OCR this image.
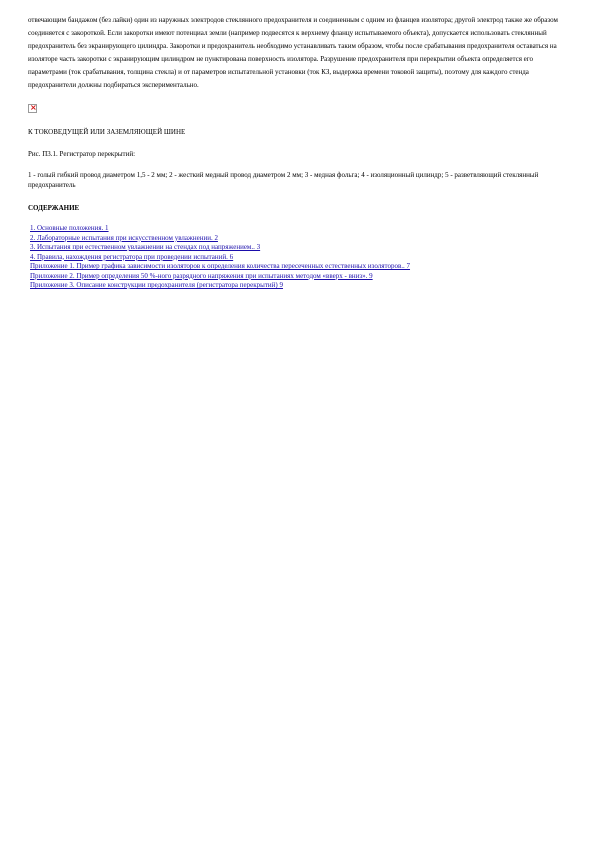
отвечающим бандажом (без лайки) один из наружных электродов стеклянного предохранителя и соединенным с одним из фланцев изолятора; другой электрод также же образом соединяется с закороткой. Если закоротки имеют потенциал земли (например подвесятся к верхнему фланцу испытываемого объекта), допускается использовать стеклянный предохранитель без экранирующего цилиндра. Закоротки и предохранитель необходимо устанавливать таким образом, чтобы после срабатывания предохранителя оставаться на изоляторе часть закоротки с экранирующим цилиндром не пунктирована поверхность изолятора. Разрушение предохранителя при перекрытии объекта определяется его параметрами (ток срабатывания, толщина стекла) и от параметров испытательной установки (ток КЗ, выдержка времени токовой защиты), поэтому для каждого стенда предохранители должны подбираться экспериментально.

×

К ТОКОВЕДУЩЕЙ ИЛИ ЗАЗЕМЛЯЮЩЕЙ ШИНЕ

Рис. П3.1. Регистратор перекрытий:

1 - голый гибкий провод диаметром 1,5 - 2 мм; 2 - жесткий медный провод диаметром 2 мм; 3 - медная фольга; 4 - изоляционный цилиндр; 5 - разветвляющий стеклянный предохранитель

СОДЕРЖАНИЕ

1. Основные положения. 1
2. Лабораторные испытания при искусственном увлажнении. 2
3. Испытания при естественном увлажнении на стендах под напряжением.. 3
4. Правила, нахождения регистратора при проведении испытаний. 6
Приложение 1. Пример графика зависимости изоляторов к определения количества пересеченных естественных изоляторов.. 7
Приложение 2. Пример определения 50 %-ного разрядного напряжения при испытаниях методом «вверх - вниз». 9
Приложение 3. Описание конструкции предохранителя (регистратора перекрытий) 9
